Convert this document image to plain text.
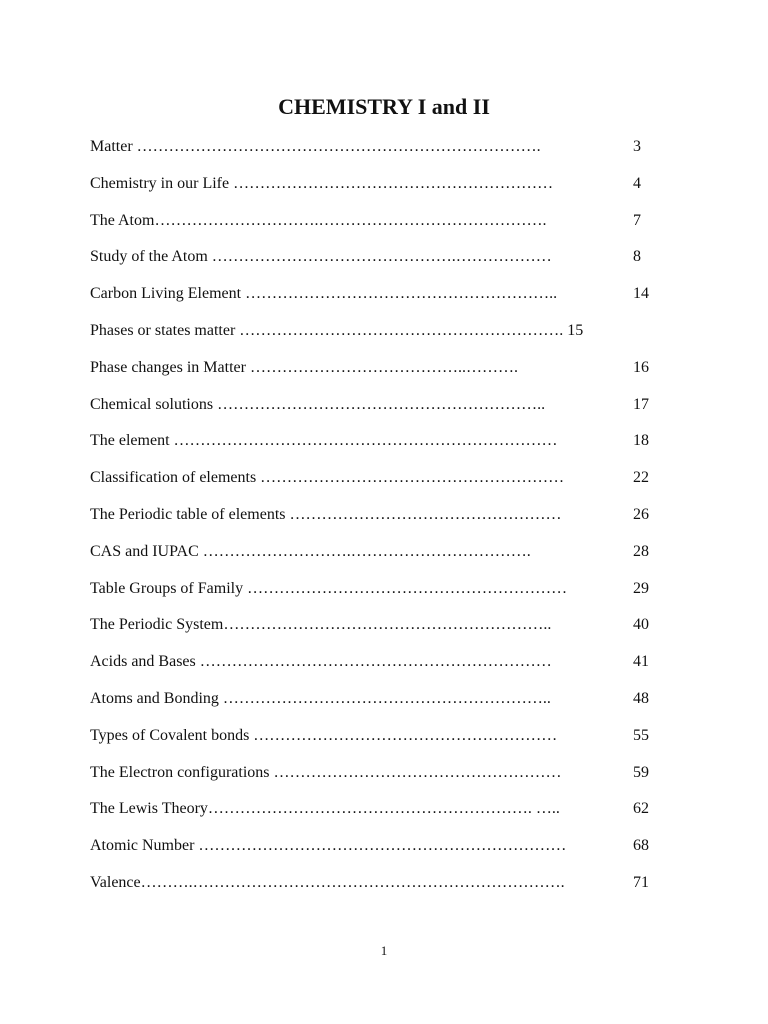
CHEMISTRY I and II
Matter ………………………………………………………………….	3
Chemistry in our Life ……………………………………………………	4
The Atom………………………….…………………………………….	7
Study of the Atom ……………………………………….………………	8
Carbon Living Element …………………………………………………..	14
Phases or states matter ……………………………………………………. 15
Phase changes in Matter …………………………………..……….	16
Chemical solutions ……………………………………………………..	17
The element ………………………………………………………………	18
Classification of elements …………………………………………………	22
The Periodic table of elements ……………………………………………	26
CAS and IUPAC ……………………….…………………………….	28
Table Groups of Family ……………………………………………………	29
The Periodic System……………………………………………………..	40
Acids and Bases …………………………………………………………	41
Atoms and Bonding ……………………………………………………..	48
Types of Covalent bonds …………………………………………………	55
The Electron configurations ………………………………………………	59
The Lewis Theory……………………………………………………. …..	62
Atomic Number ……………………………………………………………	68
Valence……….…………………………………………………………….	71
1
